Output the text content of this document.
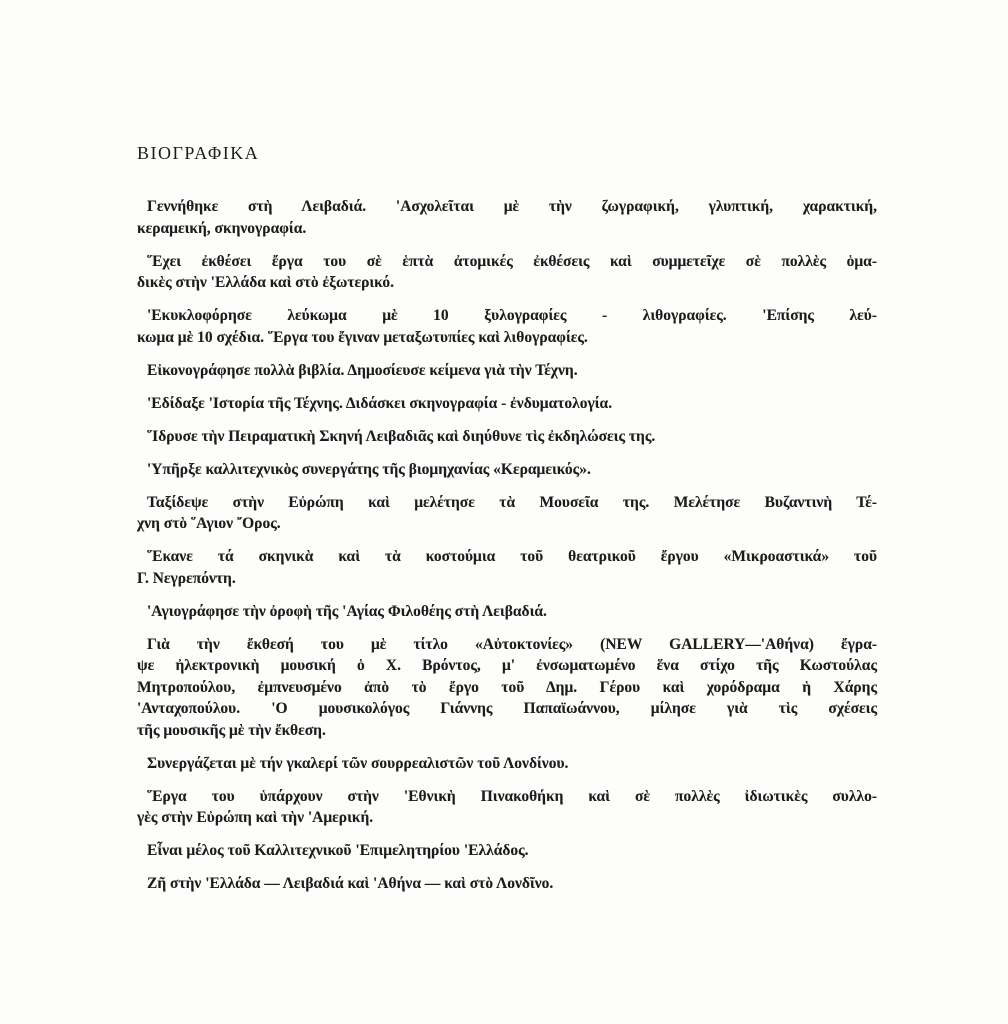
ΒΙΟΓΡΑΦΙΚΑ

Γεννήθηκε στὴ Λειβαδιά. 'Ασχολεῖται μὲ τὴν ζωγραφική, γλυπτική, χαρακτική,
κεραμεική, σκηνογραφία.

῞Εχει ἐκθέσει ἔργα του σὲ ἑπτὰ ἀτομικές ἐκθέσεις καὶ συμμετεῖχε σὲ πολλὲς ὁμα-
δικὲς στὴν 'Ελλάδα καὶ στὸ ἐξωτερικό.

'Εκυκλοφόρησε λεύκωμα μὲ 10 ξυλογραφίες - λιθογραφίες. 'Επίσης λεύ-
κωμα μὲ 10 σχέδια. ῞Εργα του ἔγιναν μεταξωτυπίες καὶ λιθογραφίες.

Εἰκονογράφησε πολλὰ βιβλία. Δημοσίευσε κείμενα γιὰ τὴν Τέχνη.

'Εδίδαξε 'Ιστορία τῆς Τέχνης. Διδάσκει σκηνογραφία - ἐνδυματολογία.

῞Ιδρυσε τὴν Πειραματικὴ Σκηνή Λειβαδιᾶς καὶ διηύθυνε τὶς ἐκδηλώσεις της.

'Υπῆρξε καλλιτεχνικὸς συνεργάτης τῆς βιομηχανίας «Κεραμεικός».

Ταξίδεψε στὴν Εὐρώπη καὶ μελέτησε τὰ Μουσεῖα της. Μελέτησε Βυζαντινὴ Τέ-
χνη στὸ ῞Αγιον ῎Ορος.

῞Εκανε τά σκηνικὰ καὶ τὰ κοστούμια τοῦ θεατρικοῦ ἔργου «Μικροαστικά» τοῦ
Γ. Νεγρεπόντη.

'Αγιογράφησε τὴν ὀροφὴ τῆς 'Αγίας Φιλοθέης στὴ Λειβαδιά.

Γιὰ τὴν ἔκθεσή του μὲ τίτλο «Αὐτοκτονίες» (NEW GALLERY—'Αθήνα) ἔγρα-
ψε ἠλεκτρονικὴ μουσική ὁ Χ. Βρόντος, μ' ἐνσωματωμένο ἕνα στίχο τῆς Κωστούλας
Μητροπούλου, ἐμπνευσμένο ἀπὸ τὸ ἔργο τοῦ Δημ. Γέρου καὶ χορόδραμα ἡ Χάρης
'Ανταχοπούλου. 'Ο μουσικολόγος Γιάννης Παπαϊωάννου, μίλησε γιὰ τὶς σχέσεις
τῆς μουσικῆς μὲ τὴν ἔκθεση.

Συνεργάζεται μὲ τήν γκαλερί τῶν σουρρεαλιστῶν τοῦ Λονδίνου.

῞Εργα του ὑπάρχουν στὴν 'Εθνικὴ Πινακοθήκη καὶ σὲ πολλὲς ἰδιωτικὲς συλλο-
γὲς στὴν Εὐρώπη καὶ τὴν 'Αμερική.

Εἶναι μέλος τοῦ Καλλιτεχνικοῦ 'Επιμελητηρίου 'Ελλάδος.

Ζῆ στὴν 'Ελλάδα — Λειβαδιά καὶ 'Αθήνα — καὶ στὸ Λονδῖνο.
